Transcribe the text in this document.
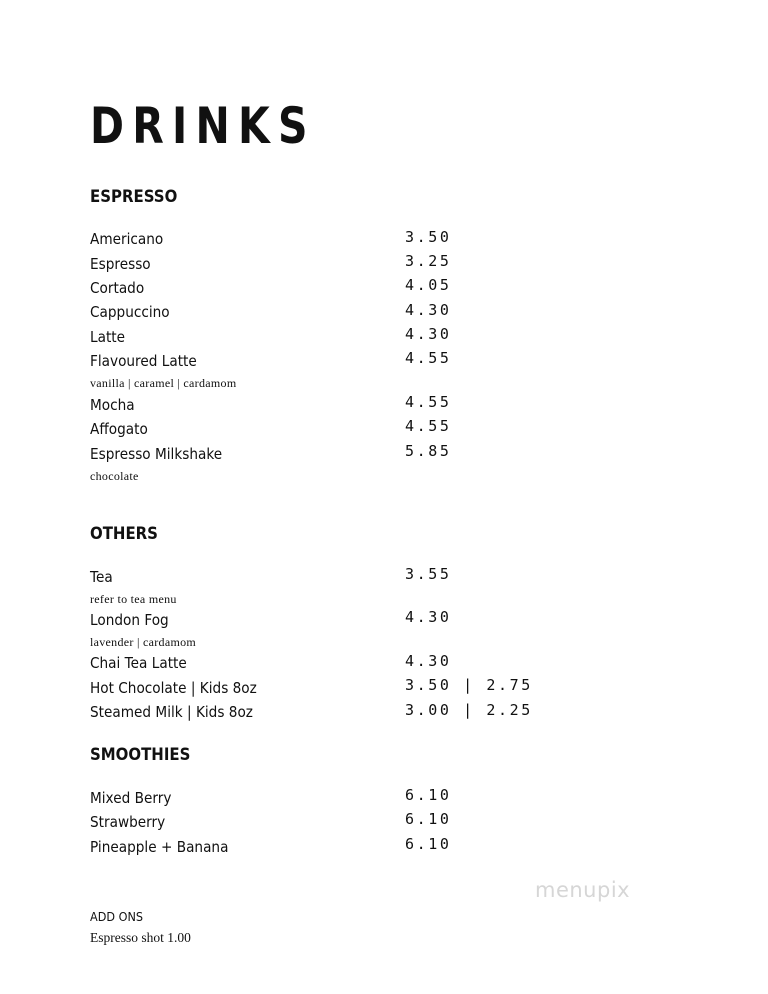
DRINKS
ESPRESSO
Americano	3.50
Espresso	3.25
Cortado	4.05
Cappuccino	4.30
Latte	4.30
Flavoured Latte	4.55
vanilla | caramel | cardamom
Mocha	4.55
Affogato	4.55
Espresso Milkshake	5.85
chocolate
OTHERS
Tea	3.55
refer to tea menu
London Fog	4.30
lavender | cardamom
Chai Tea Latte	4.30
Hot Chocolate | Kids 8oz	3.50 | 2.75
Steamed Milk | Kids 8oz	3.00 | 2.25
SMOOTHIES
Mixed Berry	6.10
Strawberry	6.10
Pineapple + Banana	6.10
ADD ONS
Espresso shot 1.00
menupix
